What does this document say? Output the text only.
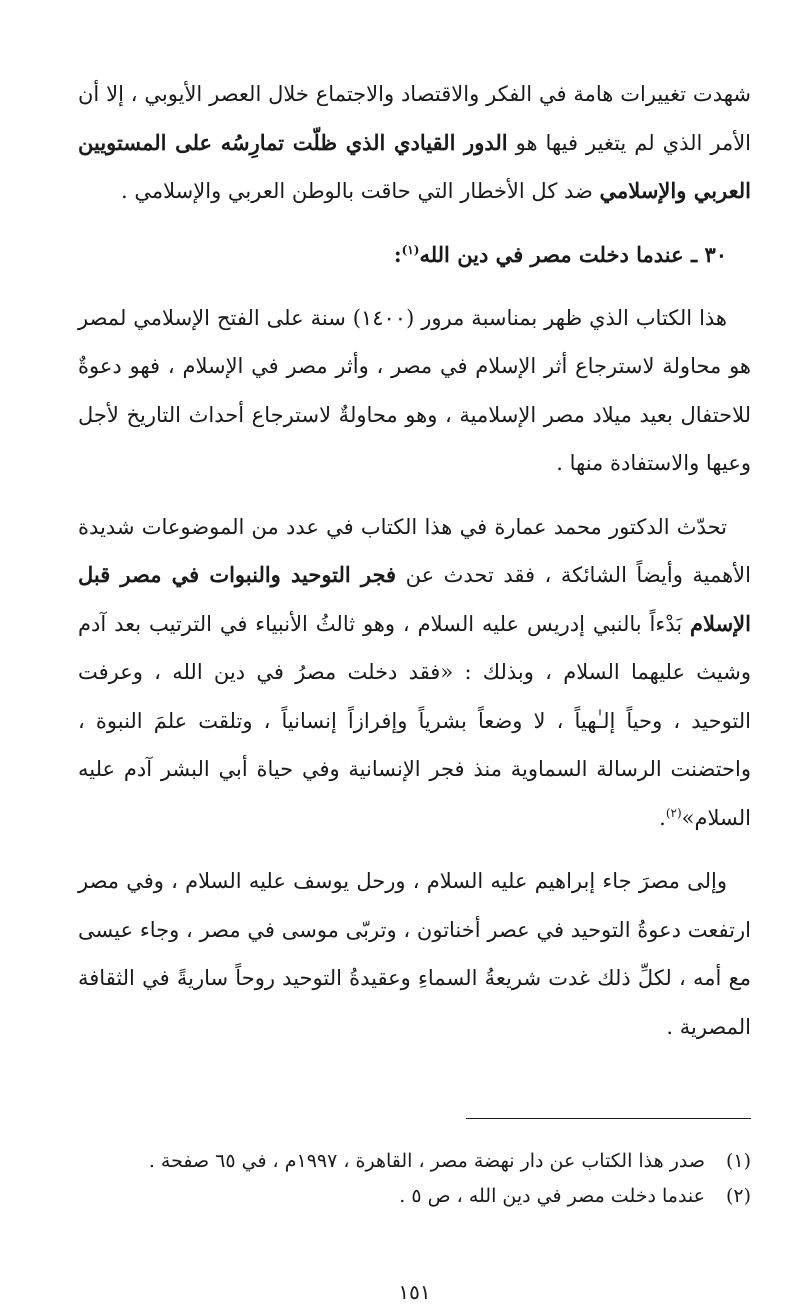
شهدت تغييرات هامة في الفكر والاقتصاد والاجتماع خلال العصر الأيوبي ، إلا أن الأمر الذي لم يتغير فيها هو الدور القيادي الذي ظلّت تمارِسُه على المستويين العربي والإسلامي ضد كل الأخطار التي حاقت بالوطن العربي والإسلامي .

٣٠ ـ عندما دخلت مصر في دين الله$^{(١)}$:

هذا الكتاب الذي ظهر بمناسبة مرور (١٤٠٠) سنة على الفتح الإسلامي لمصر هو محاولة لاسترجاع أثر الإسلام في مصر ، وأثر مصر في الإسلام ، فهو دعوةٌ للاحتفال بعيد ميلاد مصر الإسلامية ، وهو محاولةٌ لاسترجاع أحداث التاريخ لأجل وعيها والاستفادة منها .

تحدّث الدكتور محمد عمارة في هذا الكتاب في عدد من الموضوعات شديدة الأهمية وأيضاً الشائكة ، فقد تحدث عن فجر التوحيد والنبوات في مصر قبل الإسلام بَدْءاً بالنبي إدريس عليه السلام ، وهو ثالثُ الأنبياء في الترتيب بعد آدم وشيث عليهما السلام ، وبذلك : «فقد دخلت مصرُ في دين الله ، وعرفت التوحيد ، وحياً إلـٰهياً ، لا وضعاً بشرياً وإفرازاً إنسانياً ، وتلقت علمَ النبوة ، واحتضنت الرسالة السماوية منذ فجر الإنسانية وفي حياة أبي البشر آدم عليه السلام»$^{(٢)}$.

وإلى مصرَ جاء إبراهيم عليه السلام ، ورحل يوسف عليه السلام ، وفي مصر ارتفعت دعوةُ التوحيد في عصر أخناتون ، وتربّى موسى في مصر ، وجاء عيسى مع أمه ، لكلِّ ذلك غدت شريعةُ السماءِ وعقيدةُ التوحيد روحاً ساريةً في الثقافة المصرية .

(١)
صدر هذا الكتاب عن دار نهضة مصر ، القاهرة ، ١٩٩٧م ، في ٦٥ صفحة .
(٢)
عندما دخلت مصر في دين الله ، ص ٥ .
١٥١
